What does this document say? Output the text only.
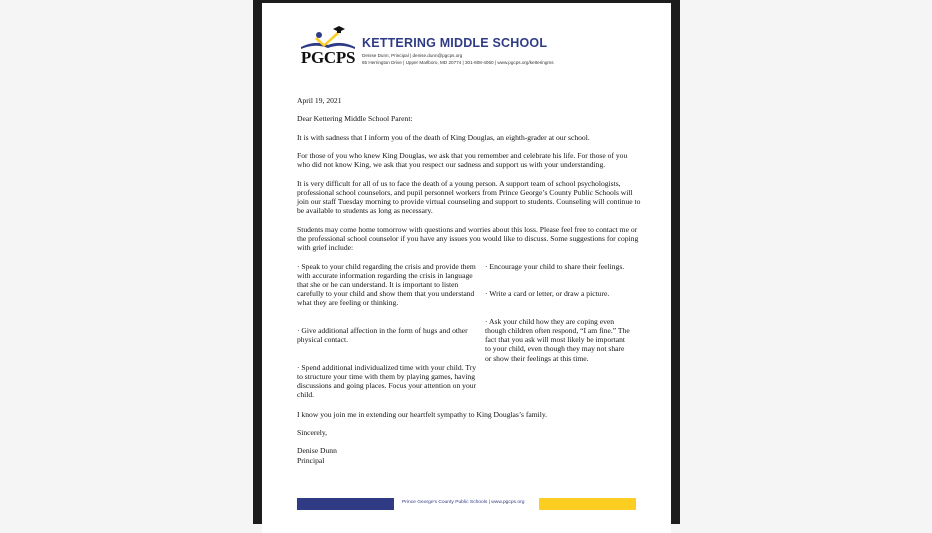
PGCPS
KETTERING MIDDLE SCHOOL
Denise Dunn, Principal | denise.dunn@pgcps.org
65 Herrington Drive | Upper Marlboro, MD 20774 | 301-808-4060 | www.pgcps.org/ketteringms

April 19, 2021

Dear Kettering Middle School Parent:

It is with sadness that I inform you of the death of King Douglas, an eighth-grader at our school.

For those of you who knew King Douglas, we ask that you remember and celebrate his life. For those of you who did not know King, we ask that you respect our sadness and support us with your understanding.

It is very difficult for all of us to face the death of a young person. A support team of school psychologists, professional school counselors, and pupil personnel workers from Prince George’s County Public Schools will join our staff Tuesday morning to provide virtual counseling and support to students. Counseling will continue to be available to students as long as necessary.

Students may come home tomorrow with questions and worries about this loss. Please feel free to contact me or the professional school counselor if you have any issues you would like to discuss. Some suggestions for coping with grief include:

· Speak to your child regarding the crisis and provide them with accurate information regarding the crisis in language that she or he can understand. It is important to listen carefully to your child and show them that you understand what they are feeling or thinking.

· Give additional affection in the form of hugs and other physical contact.

· Spend additional individualized time with your child. Try to structure your time with them by playing games, having discussions and going places. Focus your attention on your child.

· Encourage your child to share their feelings.

· Write a card or letter, or draw a picture.

· Ask your child how they are coping even though children often respond, “I am fine.” The fact that you ask will most likely be important to your child, even though they may not share or show their feelings at this time.

I know you join me in extending our heartfelt sympathy to King Douglas’s family.

Sincerely,

Denise Dunn

Principal

Prince George’s County Public Schools | www.pgcps.org
